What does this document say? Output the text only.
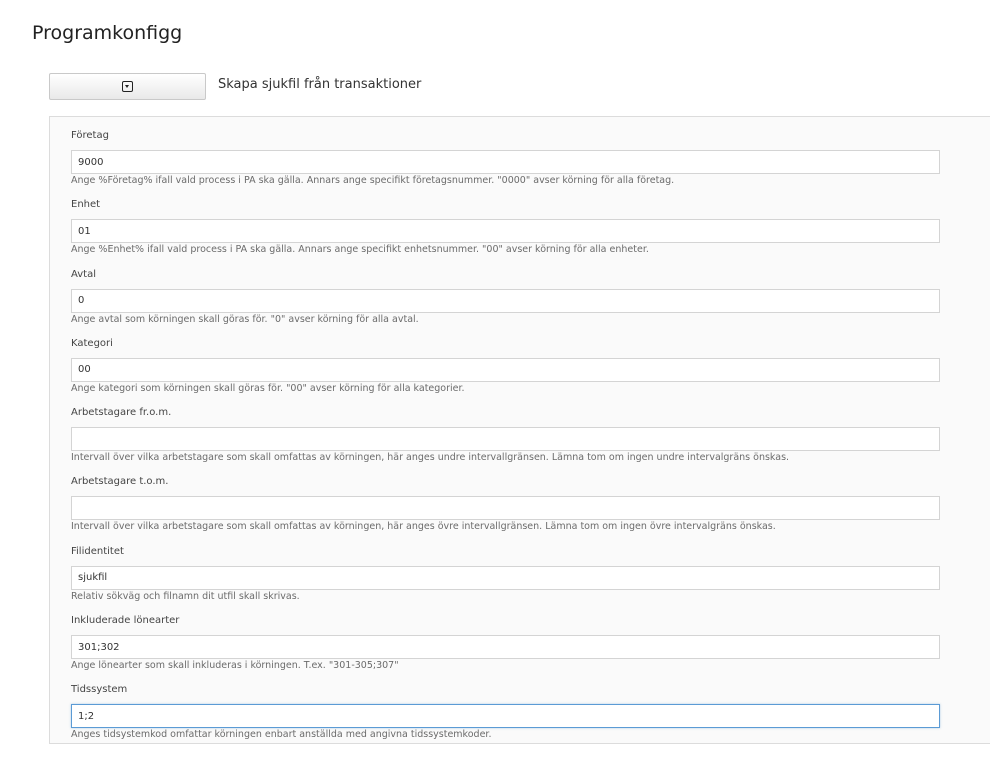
Programkonfigg
Skapa sjukfil från transaktioner
Företag
9000
Ange %Företag% ifall vald process i PA ska gälla. Annars ange specifikt företagsnummer. "0000" avser körning för alla företag.
Enhet
01
Ange %Enhet% ifall vald process i PA ska gälla. Annars ange specifikt enhetsnummer. "00" avser körning för alla enheter.
Avtal
0
Ange avtal som körningen skall göras för. "0" avser körning för alla avtal.
Kategori
00
Ange kategori som körningen skall göras för. "00" avser körning för alla kategorier.
Arbetstagare fr.o.m.
Intervall över vilka arbetstagare som skall omfattas av körningen, här anges undre intervallgränsen. Lämna tom om ingen undre intervalgräns önskas.
Arbetstagare t.o.m.
Intervall över vilka arbetstagare som skall omfattas av körningen, här anges övre intervallgränsen. Lämna tom om ingen övre intervalgräns önskas.
Filidentitet
sjukfil
Relativ sökväg och filnamn dit utfil skall skrivas.
Inkluderade lönearter
301;302
Ange lönearter som skall inkluderas i körningen. T.ex. "301-305;307"
Tidssystem
1;2
Anges tidsystemkod omfattar körningen enbart anställda med angivna tidssystemkoder.
